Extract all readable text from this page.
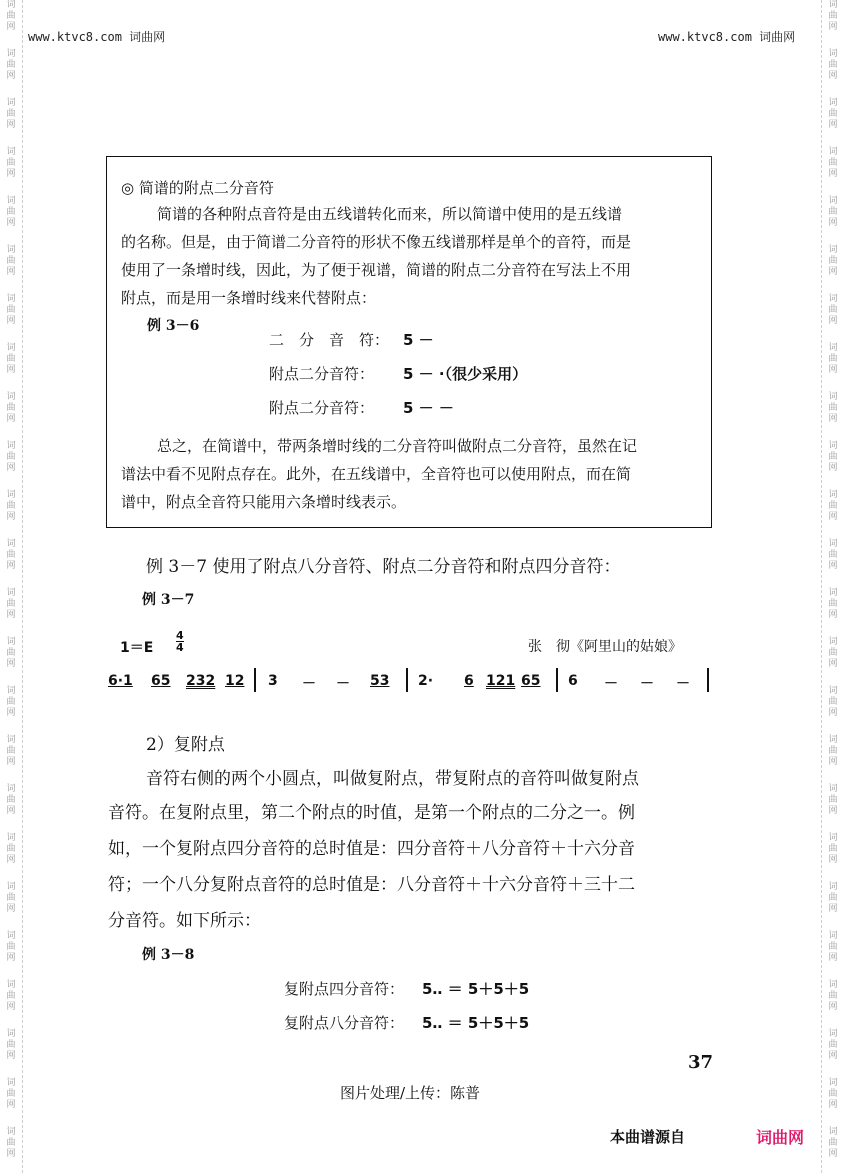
词
曲
网
词
曲
网
词
曲
网
词
曲
网
词
曲
网
词
曲
网
词
曲
网
词
曲
网
词
曲
网
词
曲
网
词
曲
网
词
曲
网
词
曲
网
词
曲
网
词
曲
网
词
曲
网
词
曲
网
词
曲
网
词
曲
网
词
曲
网
词
曲
网
词
曲
网
词
曲
网
词
曲
网
词
曲
网
词
曲
网
词
曲
网
词
曲
网
词
曲
网
词
曲
网
词
曲
网
词
曲
网
词
曲
网
词
曲
网
词
曲
网
词
曲
网
词
曲
网
词
曲
网
词
曲
网
词
曲
网
词
曲
网
词
曲
网
词
曲
网
词
曲
网
词
曲
网
词
曲
网
词
曲
网
词
曲
网
www.ktvc8.com 词曲网	www.ktvc8.com 词曲网
◎ 简谱的附点二分音符
简谱的各种附点音符是由五线谱转化而来，所以简谱中使用的是五线谱
的名称。但是，由于简谱二分音符的形状不像五线谱那样是单个的音符，而是
使用了一条增时线，因此，为了便于视谱，简谱的附点二分音符在写法上不用
附点，而是用一条增时线来代替附点：
例 3－6
二　分　音　符： 5 －
附点二分音符： 5 － ·（很少采用）
附点二分音符： 5 － －
总之，在简谱中，带两条增时线的二分音符叫做附点二分音符，虽然在记
谱法中看不见附点存在。此外，在五线谱中，全音符也可以使用附点，而在简
谱中，附点全音符只能用六条增时线表示。
例 3－7 使用了附点八分音符、附点二分音符和附点四分音符：
例 3－7
1＝E
4
4	张　彻《阿里山的姑娘》
6·1 65 232 12 3 － － 53 2· 6 121 65 6 － － －
2）复附点
音符右侧的两个小圆点，叫做复附点，带复附点的音符叫做复附点
音符。在复附点里，第二个附点的时值，是第一个附点的二分之一。例
如，一个复附点四分音符的总时值是：四分音符＋八分音符＋十六分音
符；一个八分复附点音符的总时值是：八分音符＋十六分音符＋三十二
分音符。如下所示：
例 3－8
复附点四分音符： 5‥ ＝ 5＋5＋5
复附点八分音符： 5‥ ＝ 5＋5＋5
37
图片处理/上传：陈普
本曲谱源自	词曲网
